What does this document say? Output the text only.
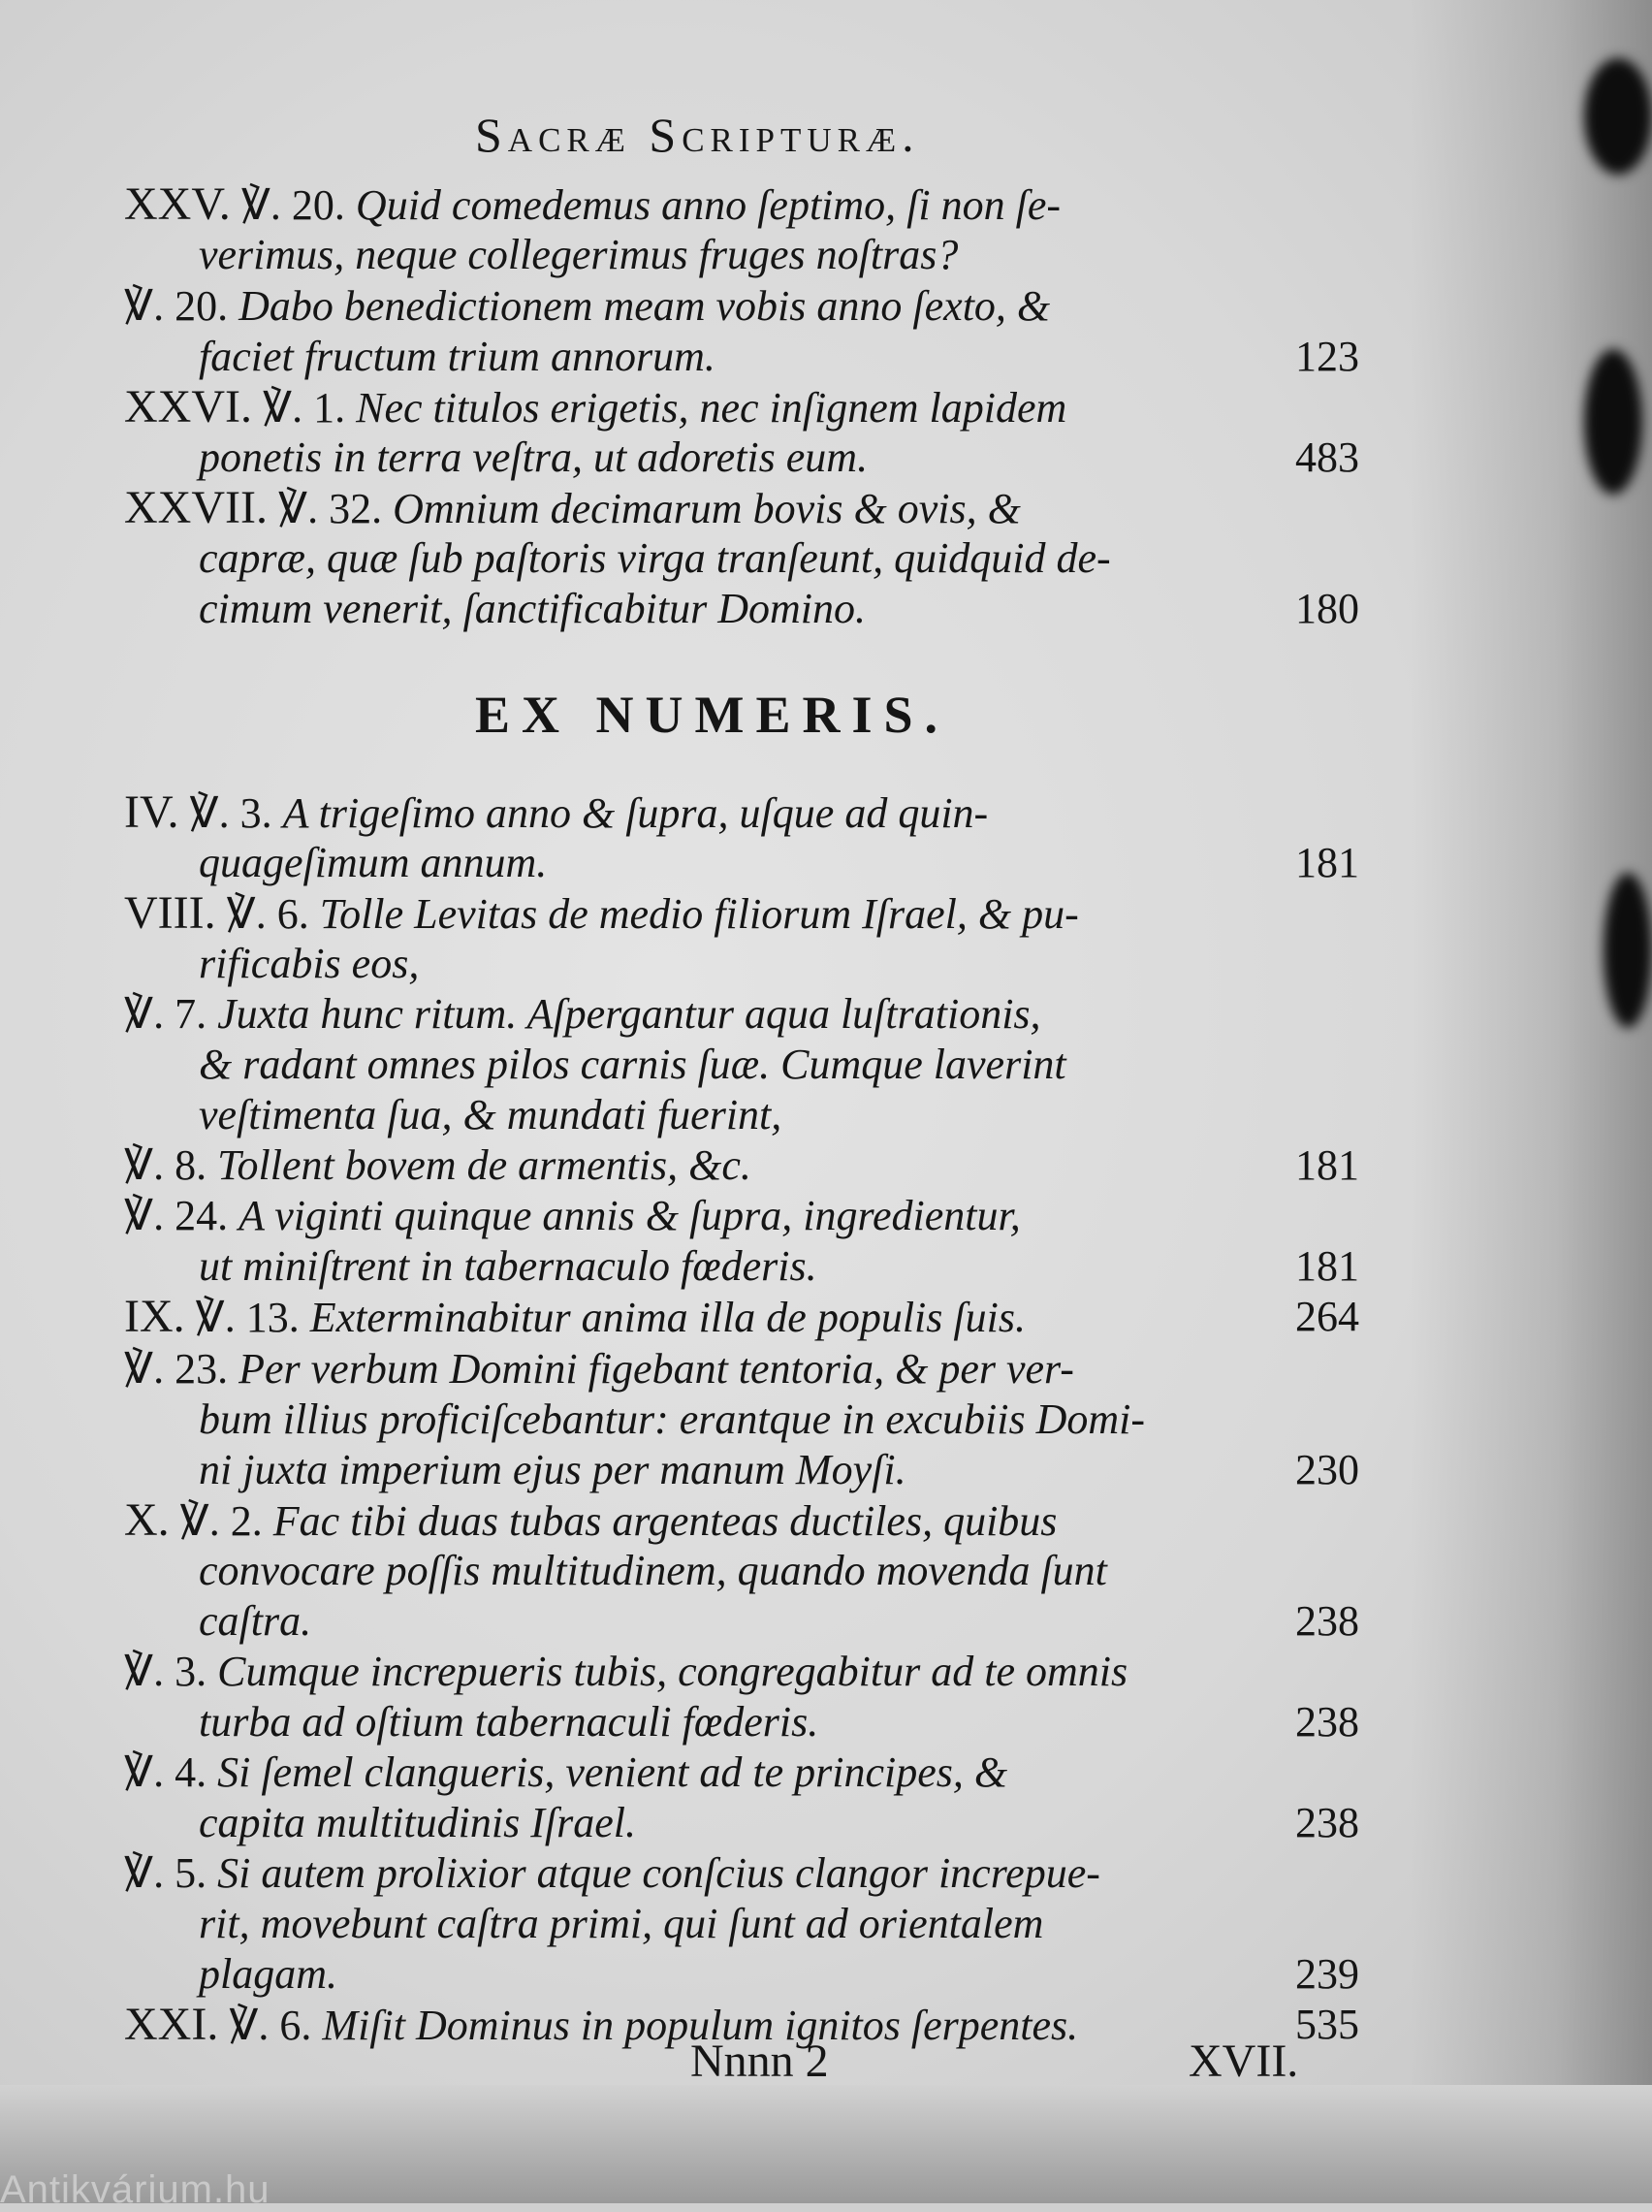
Antikvárium.hu
Sacræ Scripturæ.
EX NUMERIS.
XXV. ℣. 20. Quid comedemus anno ſeptimo, ſi non ſe-
verimus, neque collegerimus fruges noſtras?
℣. 20. Dabo benedictionem meam vobis anno ſexto, &
faciet fructum trium annorum.	123
XXVI. ℣. 1. Nec titulos erigetis, nec inſignem lapidem
ponetis in terra veſtra, ut adoretis eum.	483
XXVII. ℣. 32. Omnium decimarum bovis & ovis, &
capræ, quæ ſub paſtoris virga tranſeunt, quidquid de-
cimum venerit, ſanctificabitur Domino.	180
IV. ℣. 3. A trigeſimo anno & ſupra, uſque ad quin-
quageſimum annum.	181
VIII. ℣. 6. Tolle Levitas de medio filiorum Iſrael, & pu-
rificabis eos,
℣. 7. Juxta hunc ritum. Aſpergantur aqua luſtrationis,
& radant omnes pilos carnis ſuæ. Cumque laverint
veſtimenta ſua, & mundati fuerint,
℣. 8. Tollent bovem de armentis, &c.	181
℣. 24. A viginti quinque annis & ſupra, ingredientur,
ut miniſtrent in tabernaculo fœderis.	181
IX. ℣. 13. Exterminabitur anima illa de populis ſuis.	264
℣. 23. Per verbum Domini figebant tentoria, & per ver-
bum illius proficiſcebantur: erantque in excubiis Domi-
ni juxta imperium ejus per manum Moyſi.	230
X. ℣. 2. Fac tibi duas tubas argenteas ductiles, quibus
convocare poſſis multitudinem, quando movenda ſunt
caſtra.	238
℣. 3. Cumque increpueris tubis, congregabitur ad te omnis
turba ad oſtium tabernaculi fœderis.	238
℣. 4. Si ſemel clangueris, venient ad te principes, &
capita multitudinis Iſrael.	238
℣. 5. Si autem prolixior atque conſcius clangor increpue-
rit, movebunt caſtra primi, qui ſunt ad orientalem
plagam.	239
XXI. ℣. 6. Miſit Dominus in populum ignitos ſerpentes.	535
Nnnn 2	XVII.
